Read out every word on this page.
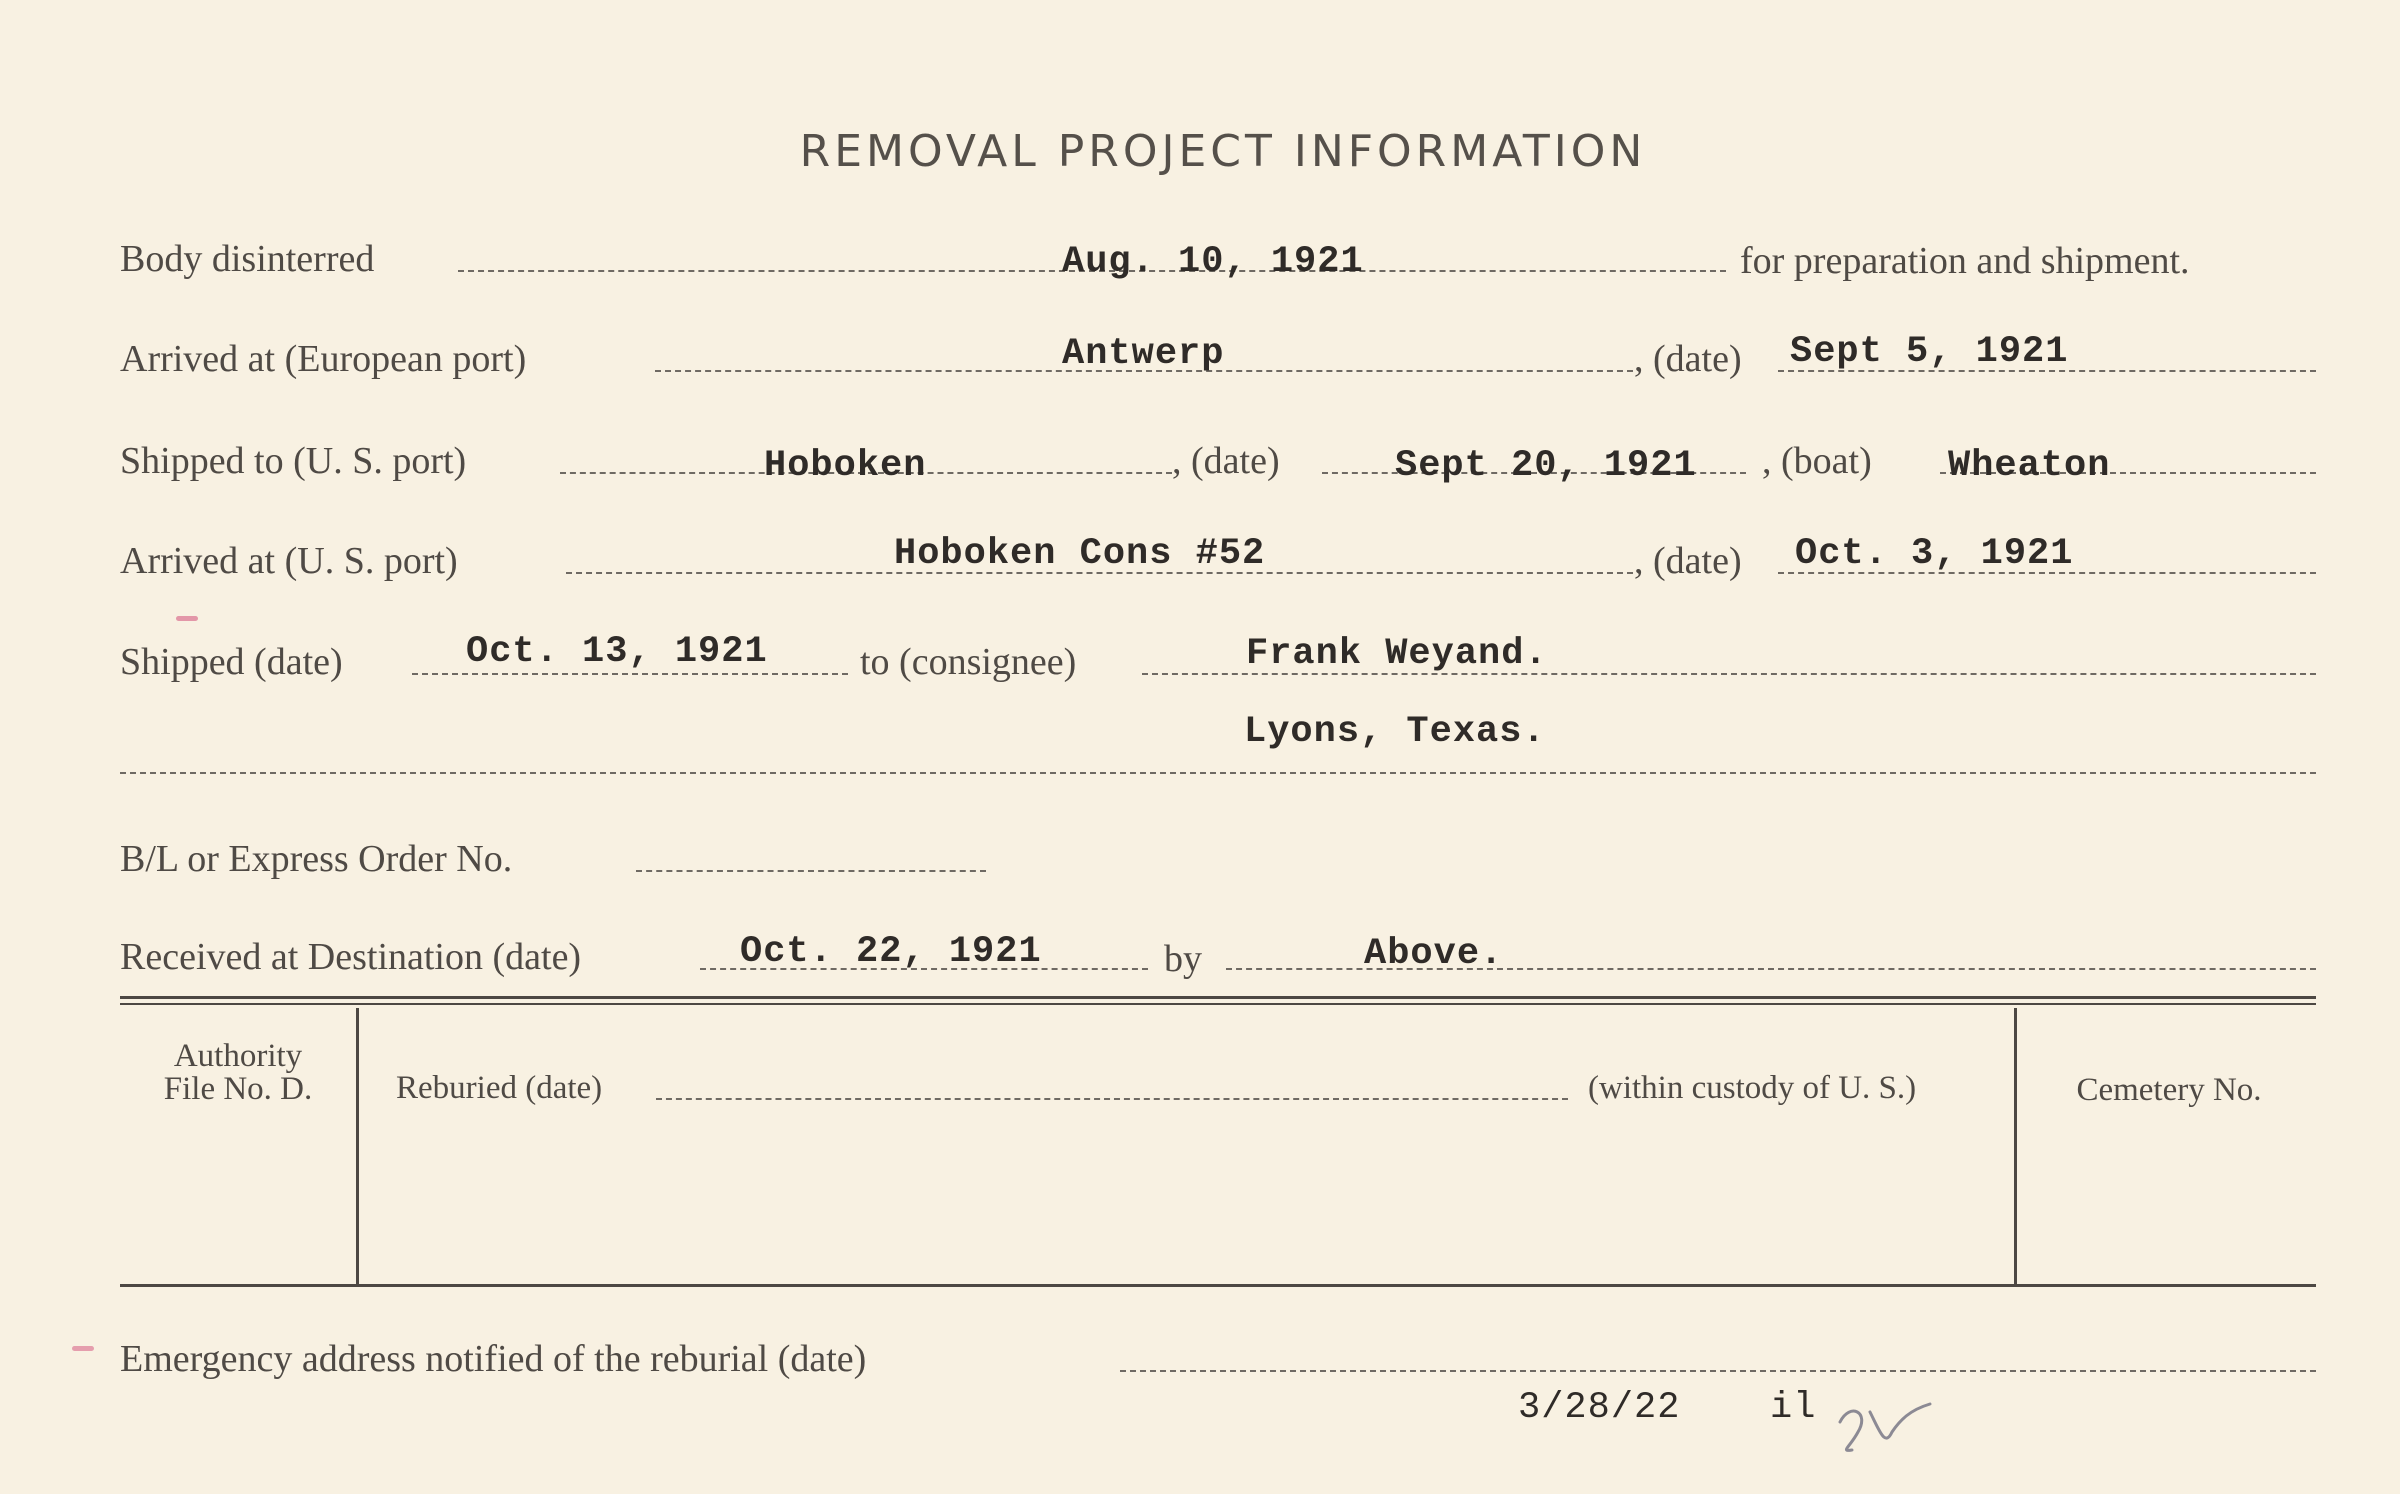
REMOVAL PROJECT INFORMATION
Body disinterred	Aug. 10, 1921	for preparation and shipment.
Arrived at (European port)	Antwerp	, (date) Sept 5, 1921
Shipped to (U. S. port)	Hoboken	, (date)	Sept 20, 1921 , (boat) Wheaton
Arrived at (U. S. port)	Hoboken Cons #52	, (date) Oct. 3, 1921
Shipped (date)	Oct. 13, 1921 to (consignee)	Frank Weyand.
Lyons, Texas.
B/L or Express Order No.
Received at Destination (date)	Oct. 22, 1921	by	Above.
Authority
File No. D.	Reburied (date)	(within custody of U. S.)	Cemetery No.
Emergency address notified of the reburial (date)
3/28/22 il
